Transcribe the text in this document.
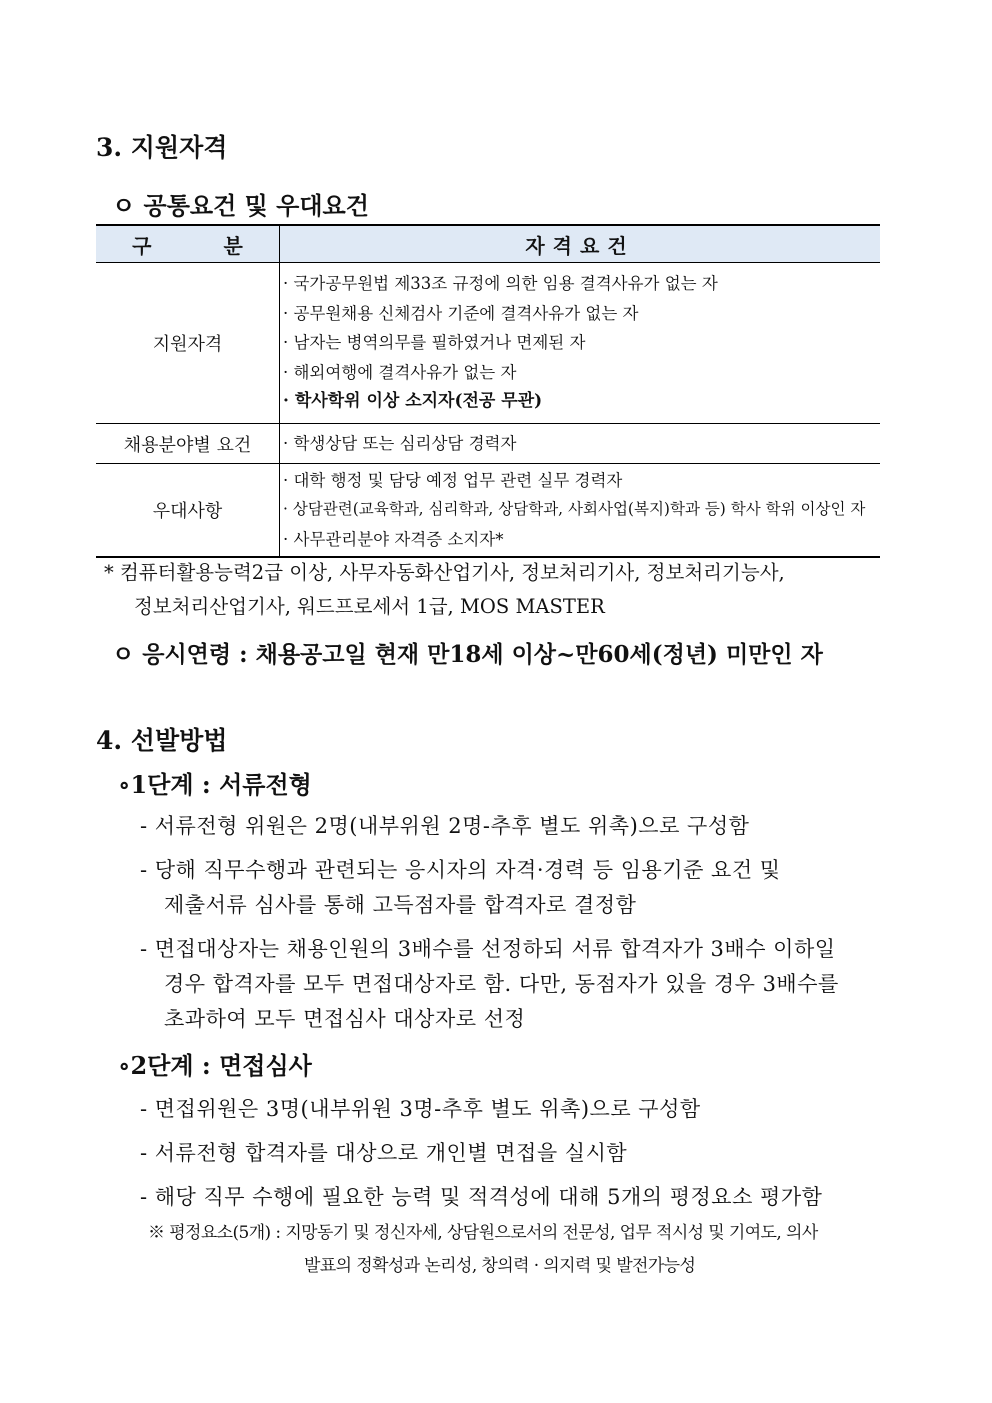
3. 지원자격
ㅇ 공통요건 및 우대요건
구 분	자격요건
지원자격	· 국가공무원법 제33조 규정에 의한 임용 결격사유가 없는 자
· 공무원채용 신체검사 기준에 결격사유가 없는 자
· 남자는 병역의무를 필하였거나 면제된 자
· 해외여행에 결격사유가 없는 자
· 학사학위 이상 소지자(전공 무관)

채용분야별 요건	· 학생상담 또는 심리상담 경력자

우대사항	· 대학 행정 및 담당 예정 업무 관련 실무 경력자
· 상담관련(교육학과, 심리학과, 상담학과, 사회사업(복지)학과 등) 학사 학위 이상인 자
· 사무관리분야 자격증 소지자*
* 컴퓨터활용능력2급 이상, 사무자동화산업기사, 정보처리기사, 정보처리기능사,
정보처리산업기사, 워드프로세서 1급, MOS MASTER
ㅇ 응시연령 : 채용공고일 현재 만18세 이상~만60세(정년) 미만인 자
4. 선발방법
∘1단계 : 서류전형
- 서류전형 위원은 2명(내부위원 2명-추후 별도 위촉)으로 구성함
- 당해 직무수행과 관련되는 응시자의 자격·경력 등 임용기준 요건 및
제출서류 심사를 통해 고득점자를 합격자로 결정함
- 면접대상자는 채용인원의 3배수를 선정하되 서류 합격자가 3배수 이하일
경우 합격자를 모두 면접대상자로 함. 다만, 동점자가 있을 경우 3배수를
초과하여 모두 면접심사 대상자로 선정
∘2단계 : 면접심사
- 면접위원은 3명(내부위원 3명-추후 별도 위촉)으로 구성함
- 서류전형 합격자를 대상으로 개인별 면접을 실시함
- 해당 직무 수행에 필요한 능력 및 적격성에 대해 5개의 평정요소 평가함
※ 평정요소(5개) : 지망동기 및 정신자세, 상담원으로서의 전문성, 업무 적시성 및 기여도, 의사
발표의 정확성과 논리성, 창의력 · 의지력 및 발전가능성
